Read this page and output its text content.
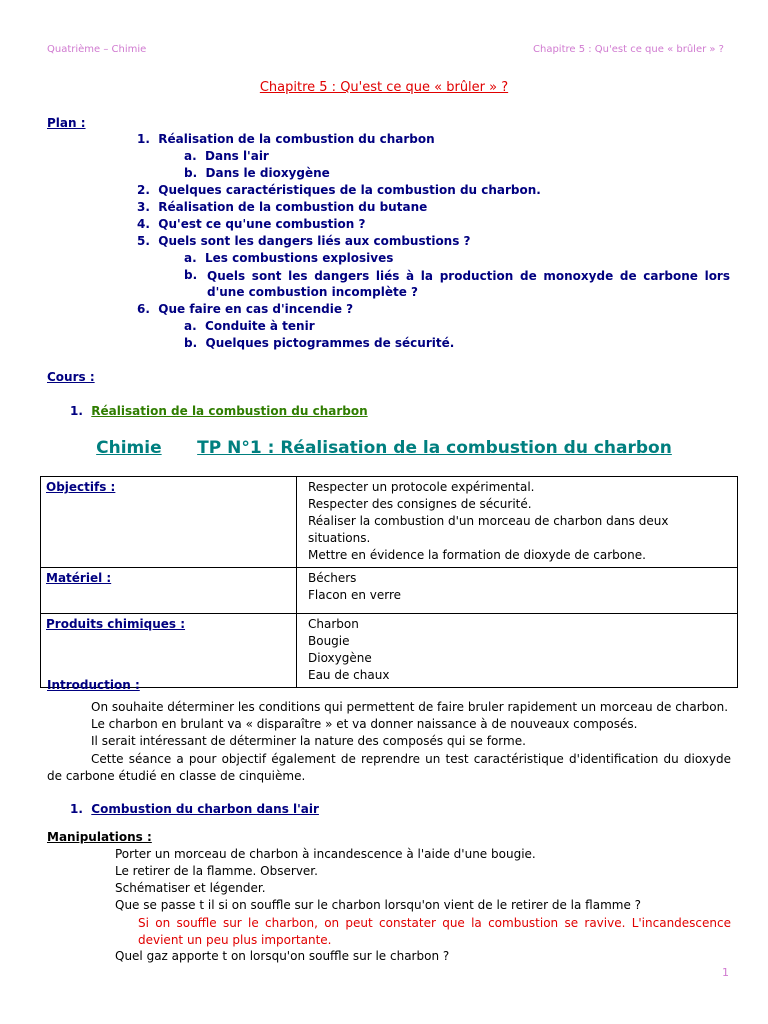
Quatrième – Chimie	Chapitre 5 : Qu'est ce que « brûler » ?
Chapitre 5 : Qu'est ce que « brûler » ?
Plan :
1. Réalisation de la combustion du charbon
a. Dans l'air
b. Dans le dioxygène
2. Quelques caractéristiques de la combustion du charbon.
3. Réalisation de la combustion du butane
4. Qu'est ce qu'une combustion ?
5. Quels sont les dangers liés aux combustions ?
a. Les combustions explosives
b. Quels sont les dangers liés à la production de monoxyde de carbone lors d'une combustion incomplète ?
6. Que faire en cas d'incendie ?
a. Conduite à tenir
b. Quelques pictogrammes de sécurité.
Cours :
1. Réalisation de la combustion du charbon
Chimie TP N°1 : Réalisation de la combustion du charbon
Objectifs :	Respecter un protocole expérimental.
Respecter des consignes de sécurité.
Réaliser la combustion d'un morceau de charbon dans deux situations.
Mettre en évidence la formation de dioxyde de carbone.

Matériel :	Béchers
Flacon en verre

Produits chimiques :	Charbon
Bougie
Dioxygène
Eau de chaux
Introduction :
On souhaite déterminer les conditions qui permettent de faire bruler rapidement un morceau de charbon.
Le charbon en brulant va « disparaître » et va donner naissance à de nouveaux composés.
Il serait intéressant de déterminer la nature des composés qui se forme.
Cette séance a pour objectif également de reprendre un test caractéristique d'identification du dioxyde de carbone étudié en classe de cinquième.
1. Combustion du charbon dans l'air
Manipulations :
Porter un morceau de charbon à incandescence à l'aide d'une bougie.
Le retirer de la flamme. Observer.
Schématiser et légender.
Que se passe t il si on souffle sur le charbon lorsqu'on vient de le retirer de la flamme ?
Si on souffle sur le charbon, on peut constater que la combustion se ravive. L'incandescence devient un peu plus importante.
Quel gaz apporte t on lorsqu'on souffle sur le charbon ?
1
